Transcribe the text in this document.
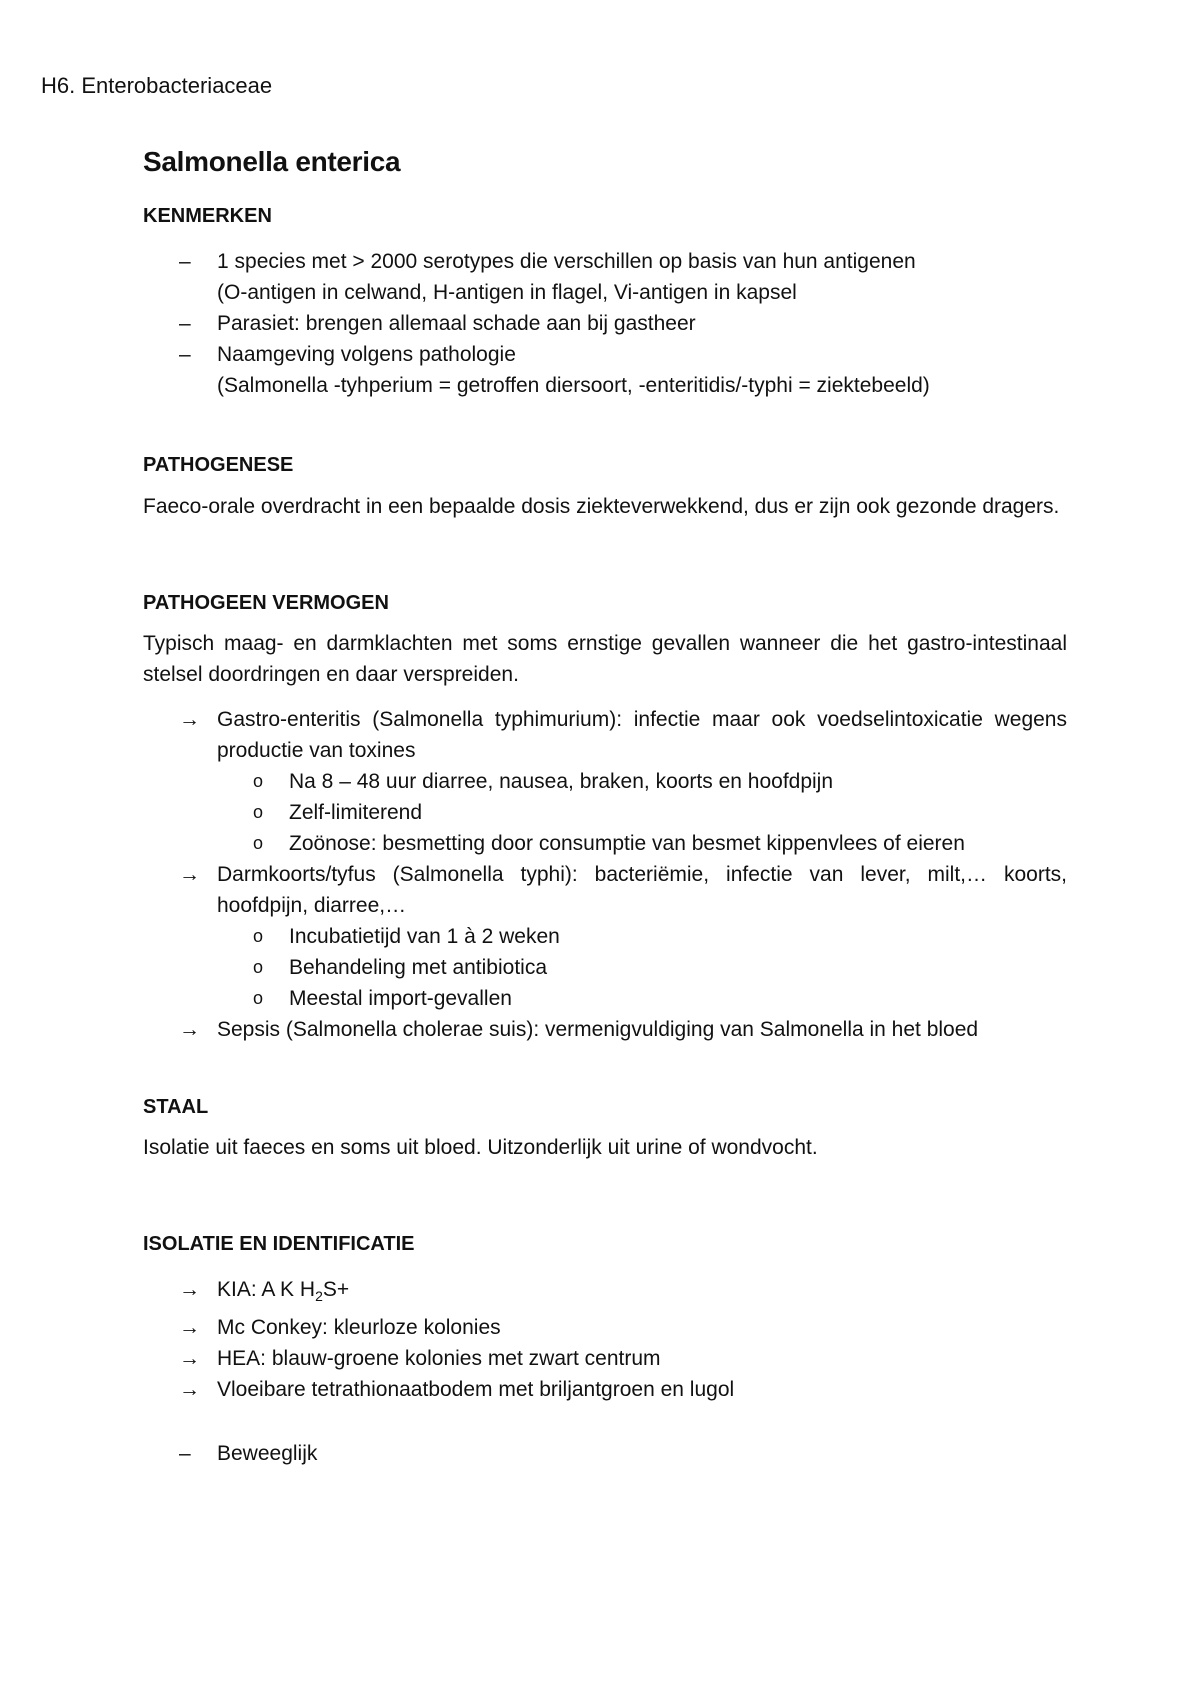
H6. Enterobacteriaceae
Salmonella enterica
KENMERKEN
– 1 species met > 2000 serotypes die verschillen op basis van hun antigenen
(O-antigen in celwand, H-antigen in flagel, Vi-antigen in kapsel
– Parasiet: brengen allemaal schade aan bij gastheer
– Naamgeving volgens pathologie
(Salmonella -tyhperium = getroffen diersoort, -enteritidis/-typhi = ziektebeeld)
PATHOGENESE

Faeco-orale overdracht in een bepaalde dosis ziekteverwekkend, dus er zijn ook gezonde dragers.

PATHOGEEN VERMOGEN

Typisch maag- en darmklachten met soms ernstige gevallen wanneer die het gastro-intestinaal stelsel doordringen en daar verspreiden.

→ Gastro-enteritis (Salmonella typhimurium): infectie maar ook voedselintoxicatie wegens productie van toxines
o Na 8 – 48 uur diarree, nausea, braken, koorts en hoofdpijn
o Zelf-limiterend
o Zoönose: besmetting door consumptie van besmet kippenvlees of eieren
→ Darmkoorts/tyfus (Salmonella typhi): bacteriëmie, infectie van lever, milt,… koorts, hoofdpijn, diarree,…
o Incubatietijd van 1 à 2 weken
o Behandeling met antibiotica
o Meestal import-gevallen
→ Sepsis (Salmonella cholerae suis): vermenigvuldiging van Salmonella in het bloed
STAAL

Isolatie uit faeces en soms uit bloed. Uitzonderlijk uit urine of wondvocht.

ISOLATIE EN IDENTIFICATIE
→ KIA: A K $H_2S+$
→ Mc Conkey: kleurloze kolonies
→ HEA: blauw-groene kolonies met zwart centrum
→ Vloeibare tetrathionaatbodem met briljantgroen en lugol
– Beweeglijk
